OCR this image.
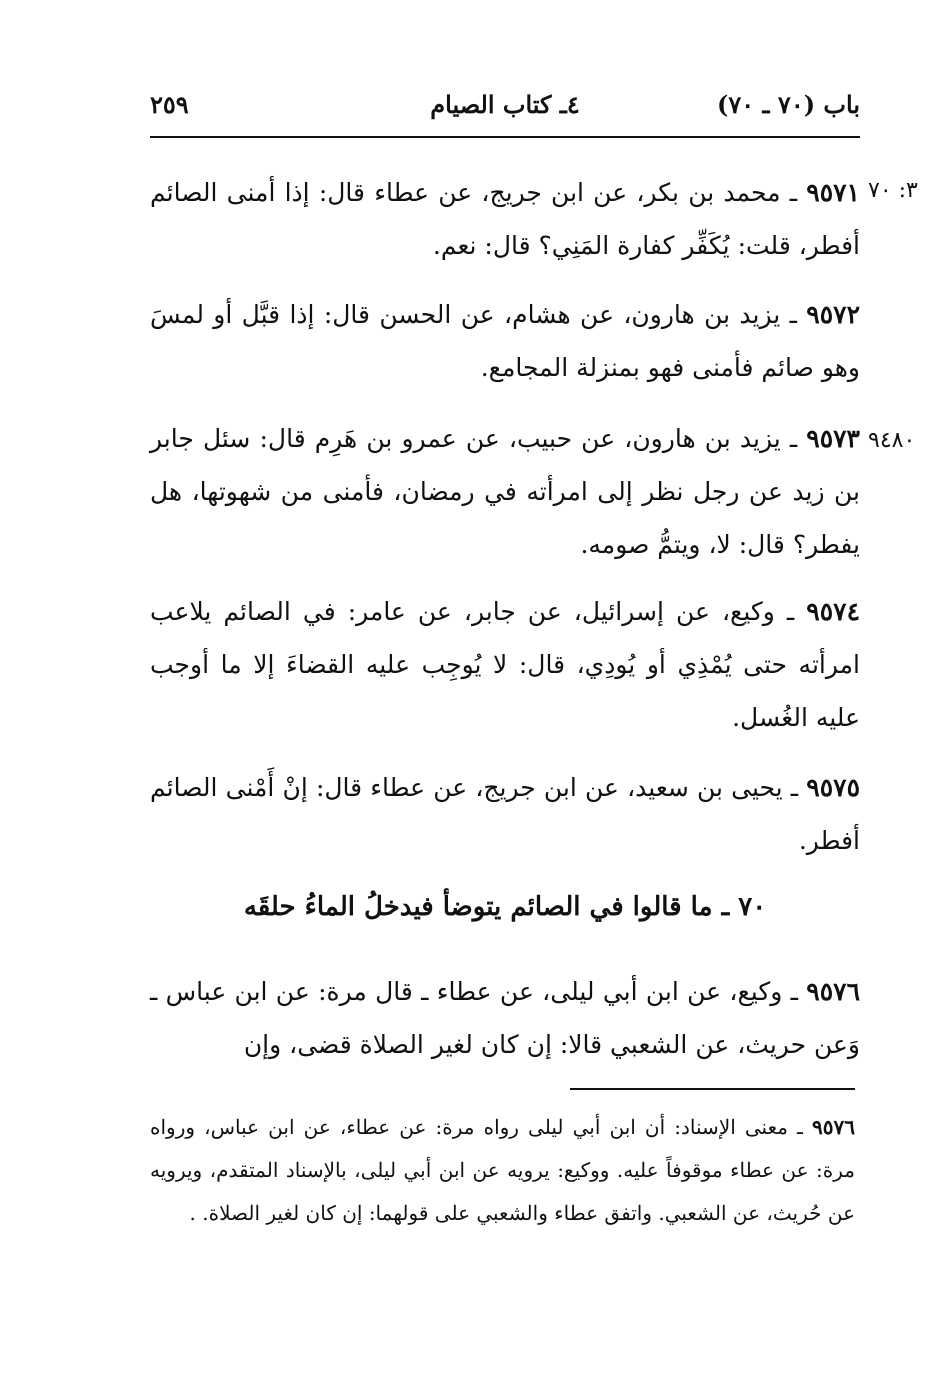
باب (٧٠ ـ ٧٠)
٤ـ كتاب الصيام
٢٥٩
٣: ٧٠
٩٤٨٠
٩٥٧١ ـ محمد بن بكر، عن ابن جريج، عن عطاء قال: إذا أمنى الصائم أفطر، قلت: يُكَفِّر كفارة المَنِي؟ قال: نعم.
٩٥٧٢ ـ يزيد بن هارون، عن هشام، عن الحسن قال: إذا قبَّل أو لمسَ وهو صائم فأمنى فهو بمنزلة المجامع.
٩٥٧٣ ـ يزيد بن هارون، عن حبيب، عن عمرو بن هَرِم قال: سئل جابر بن زيد عن رجل نظر إلى امرأته في رمضان، فأمنى من شهوتها، هل يفطر؟ قال: لا، ويتمُّ صومه.
٩٥٧٤ ـ وكيع، عن إسرائيل، عن جابر، عن عامر: في الصائم يلاعب امرأته حتى يُمْذِي أو يُودِي، قال: لا يُوجِب عليه القضاءَ إلا ما أوجب عليه الغُسل.
٩٥٧٥ ـ يحيى بن سعيد، عن ابن جريج، عن عطاء قال: إنْ أَمْنى الصائم أفطر.
٧٠ ـ ما قالوا في الصائم يتوضأ فيدخلُ الماءُ حلقَه
٩٥٧٦ ـ وكيع، عن ابن أبي ليلى، عن عطاء ـ قال مرة: عن ابن عباس ـ وَعن حريث، عن الشعبي قالا: إن كان لغير الصلاة قضى، وإن
٩٥٧٦ ـ معنى الإسناد: أن ابن أبي ليلى رواه مرة: عن عطاء، عن ابن عباس، ورواه مرة: عن عطاء موقوفاً عليه. ووكيع: يرويه عن ابن أبي ليلى، بالإسناد المتقدم، ويرويه عن حُريث، عن الشعبي. واتفق عطاء والشعبي على قولهما: إن كان لغير الصلاة. .
